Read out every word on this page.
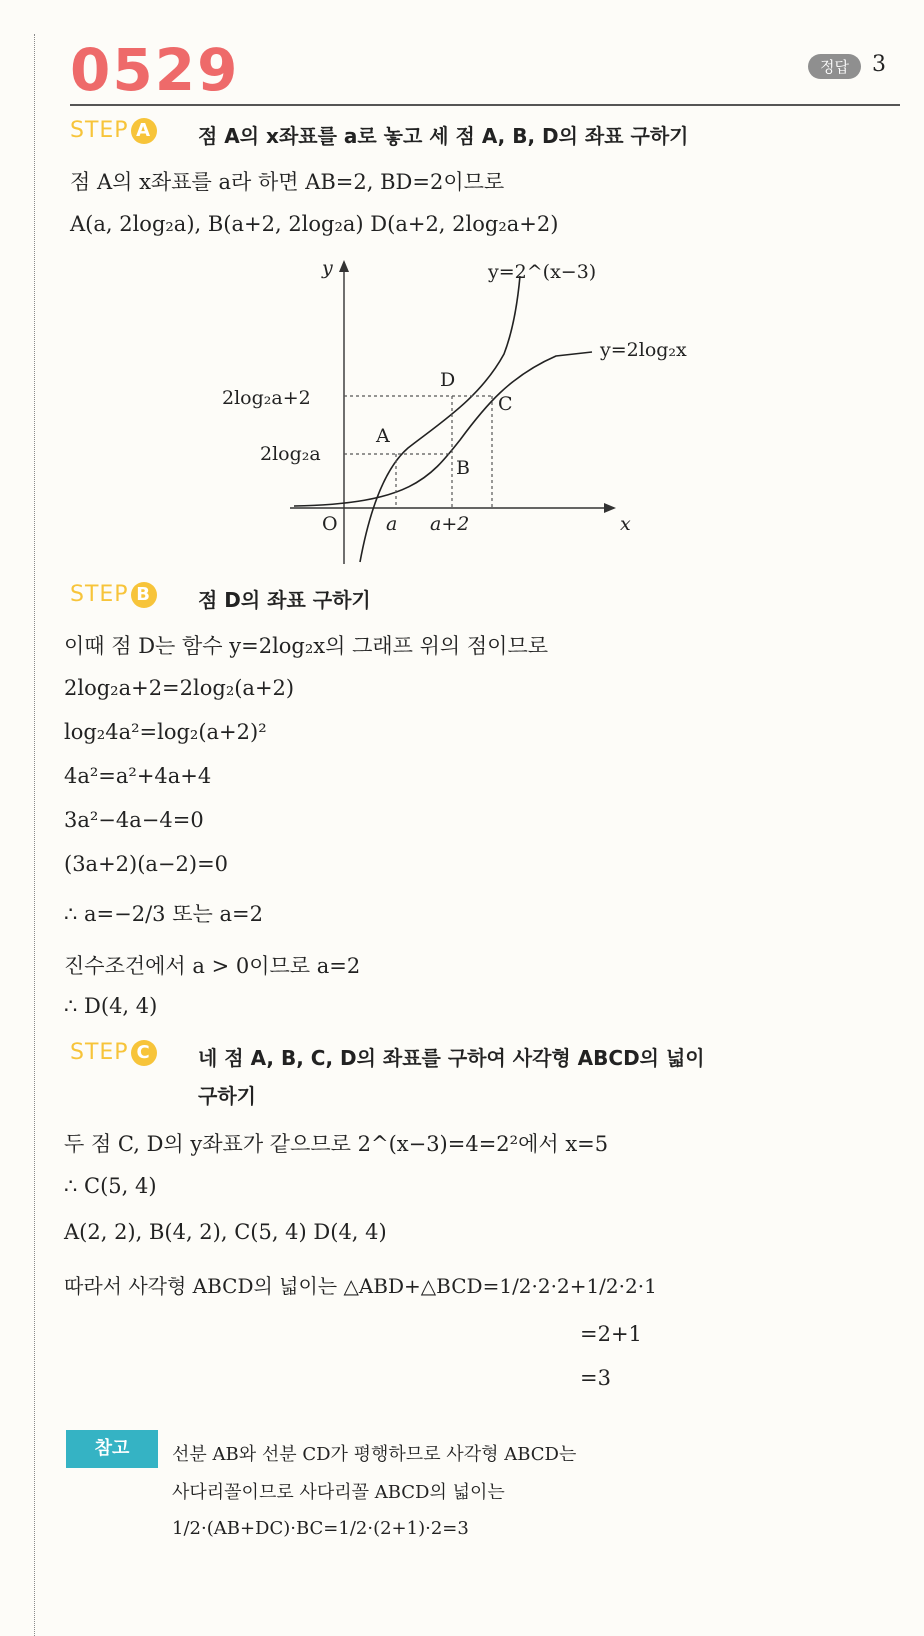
0529	정답	3
STEP A 점 A의 x좌표를 a로 놓고 세 점 A, B, D의 좌표 구하기
점 A의 x좌표를 a라 하면 AB=2, BD=2이므로
A(a, 2log₂a), B(a+2, 2log₂a) D(a+2, 2log₂a+2)
y=2^(x−3)
y=2log₂x
y
x
O
2log₂a+2
2log₂a
a a+2
A
B
C
D
STEP B 점 D의 좌표 구하기
이때 점 D는 함수 y=2log₂x의 그래프 위의 점이므로
2log₂a+2=2log₂(a+2)
log₂4a²=log₂(a+2)²
4a²=a²+4a+4
3a²−4a−4=0
(3a+2)(a−2)=0
∴ a=−2/3 또는 a=2
진수조건에서 a > 0이므로 a=2
∴ D(4, 4)
STEP C 네 점 A, B, C, D의 좌표를 구하여 사각형 ABCD의 넓이
구하기
두 점 C, D의 y좌표가 같으므로 2^(x−3)=4=2²에서 x=5
∴ C(5, 4)
A(2, 2), B(4, 2), C(5, 4) D(4, 4)
따라서 사각형 ABCD의 넓이는 △ABD+△BCD=1/2·2·2+1/2·2·1
=2+1
=3
참고	선분 AB와 선분 CD가 평행하므로 사각형 ABCD는
사다리꼴이므로 사다리꼴 ABCD의 넓이는
1/2·(AB+DC)·BC=1/2·(2+1)·2=3
